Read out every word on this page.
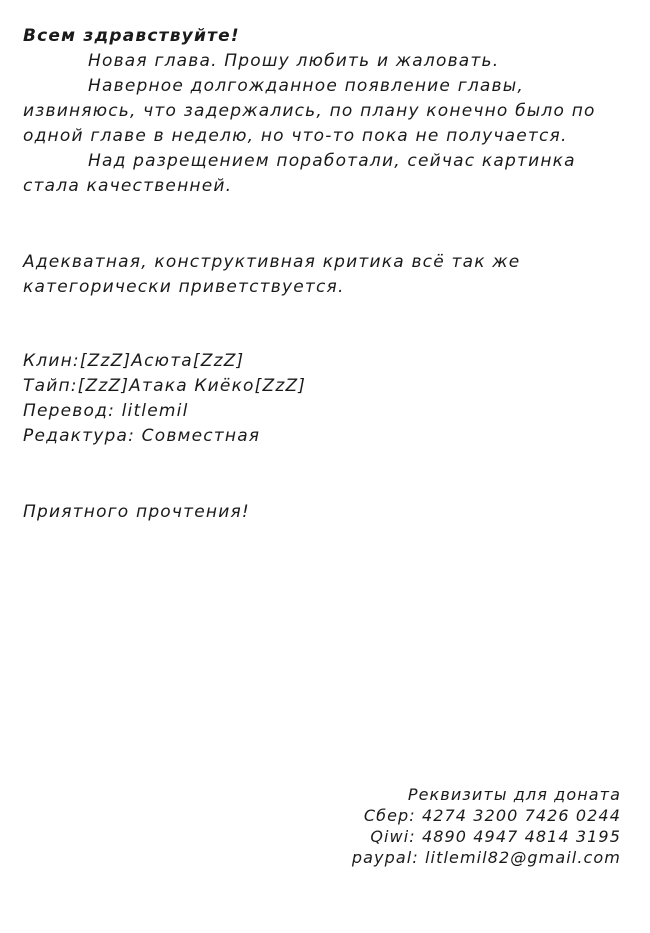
Всем здравствуйте!
Новая глава. Прошу любить и жаловать.
Наверное долгожданное появление главы,
извиняюсь, что задержались, по плану конечно было по
одной главе в неделю, но что-то пока не получается.
Над разрещением поработали, сейчас картинка
стала качественней.
Адекватная, конструктивная критика всё так же
категорически приветствуется.
Клин:[ZzZ]Асюта[ZzZ]
Тайп:[ZzZ]Атака Киёко[ZzZ]
Перевод: litlemil
Редактура: Совместная
Приятного прочтения!
Реквизиты для доната
Сбер: 4274 3200 7426 0244
Qiwi: 4890 4947 4814 3195
paypal: litlemil82@gmail.com
